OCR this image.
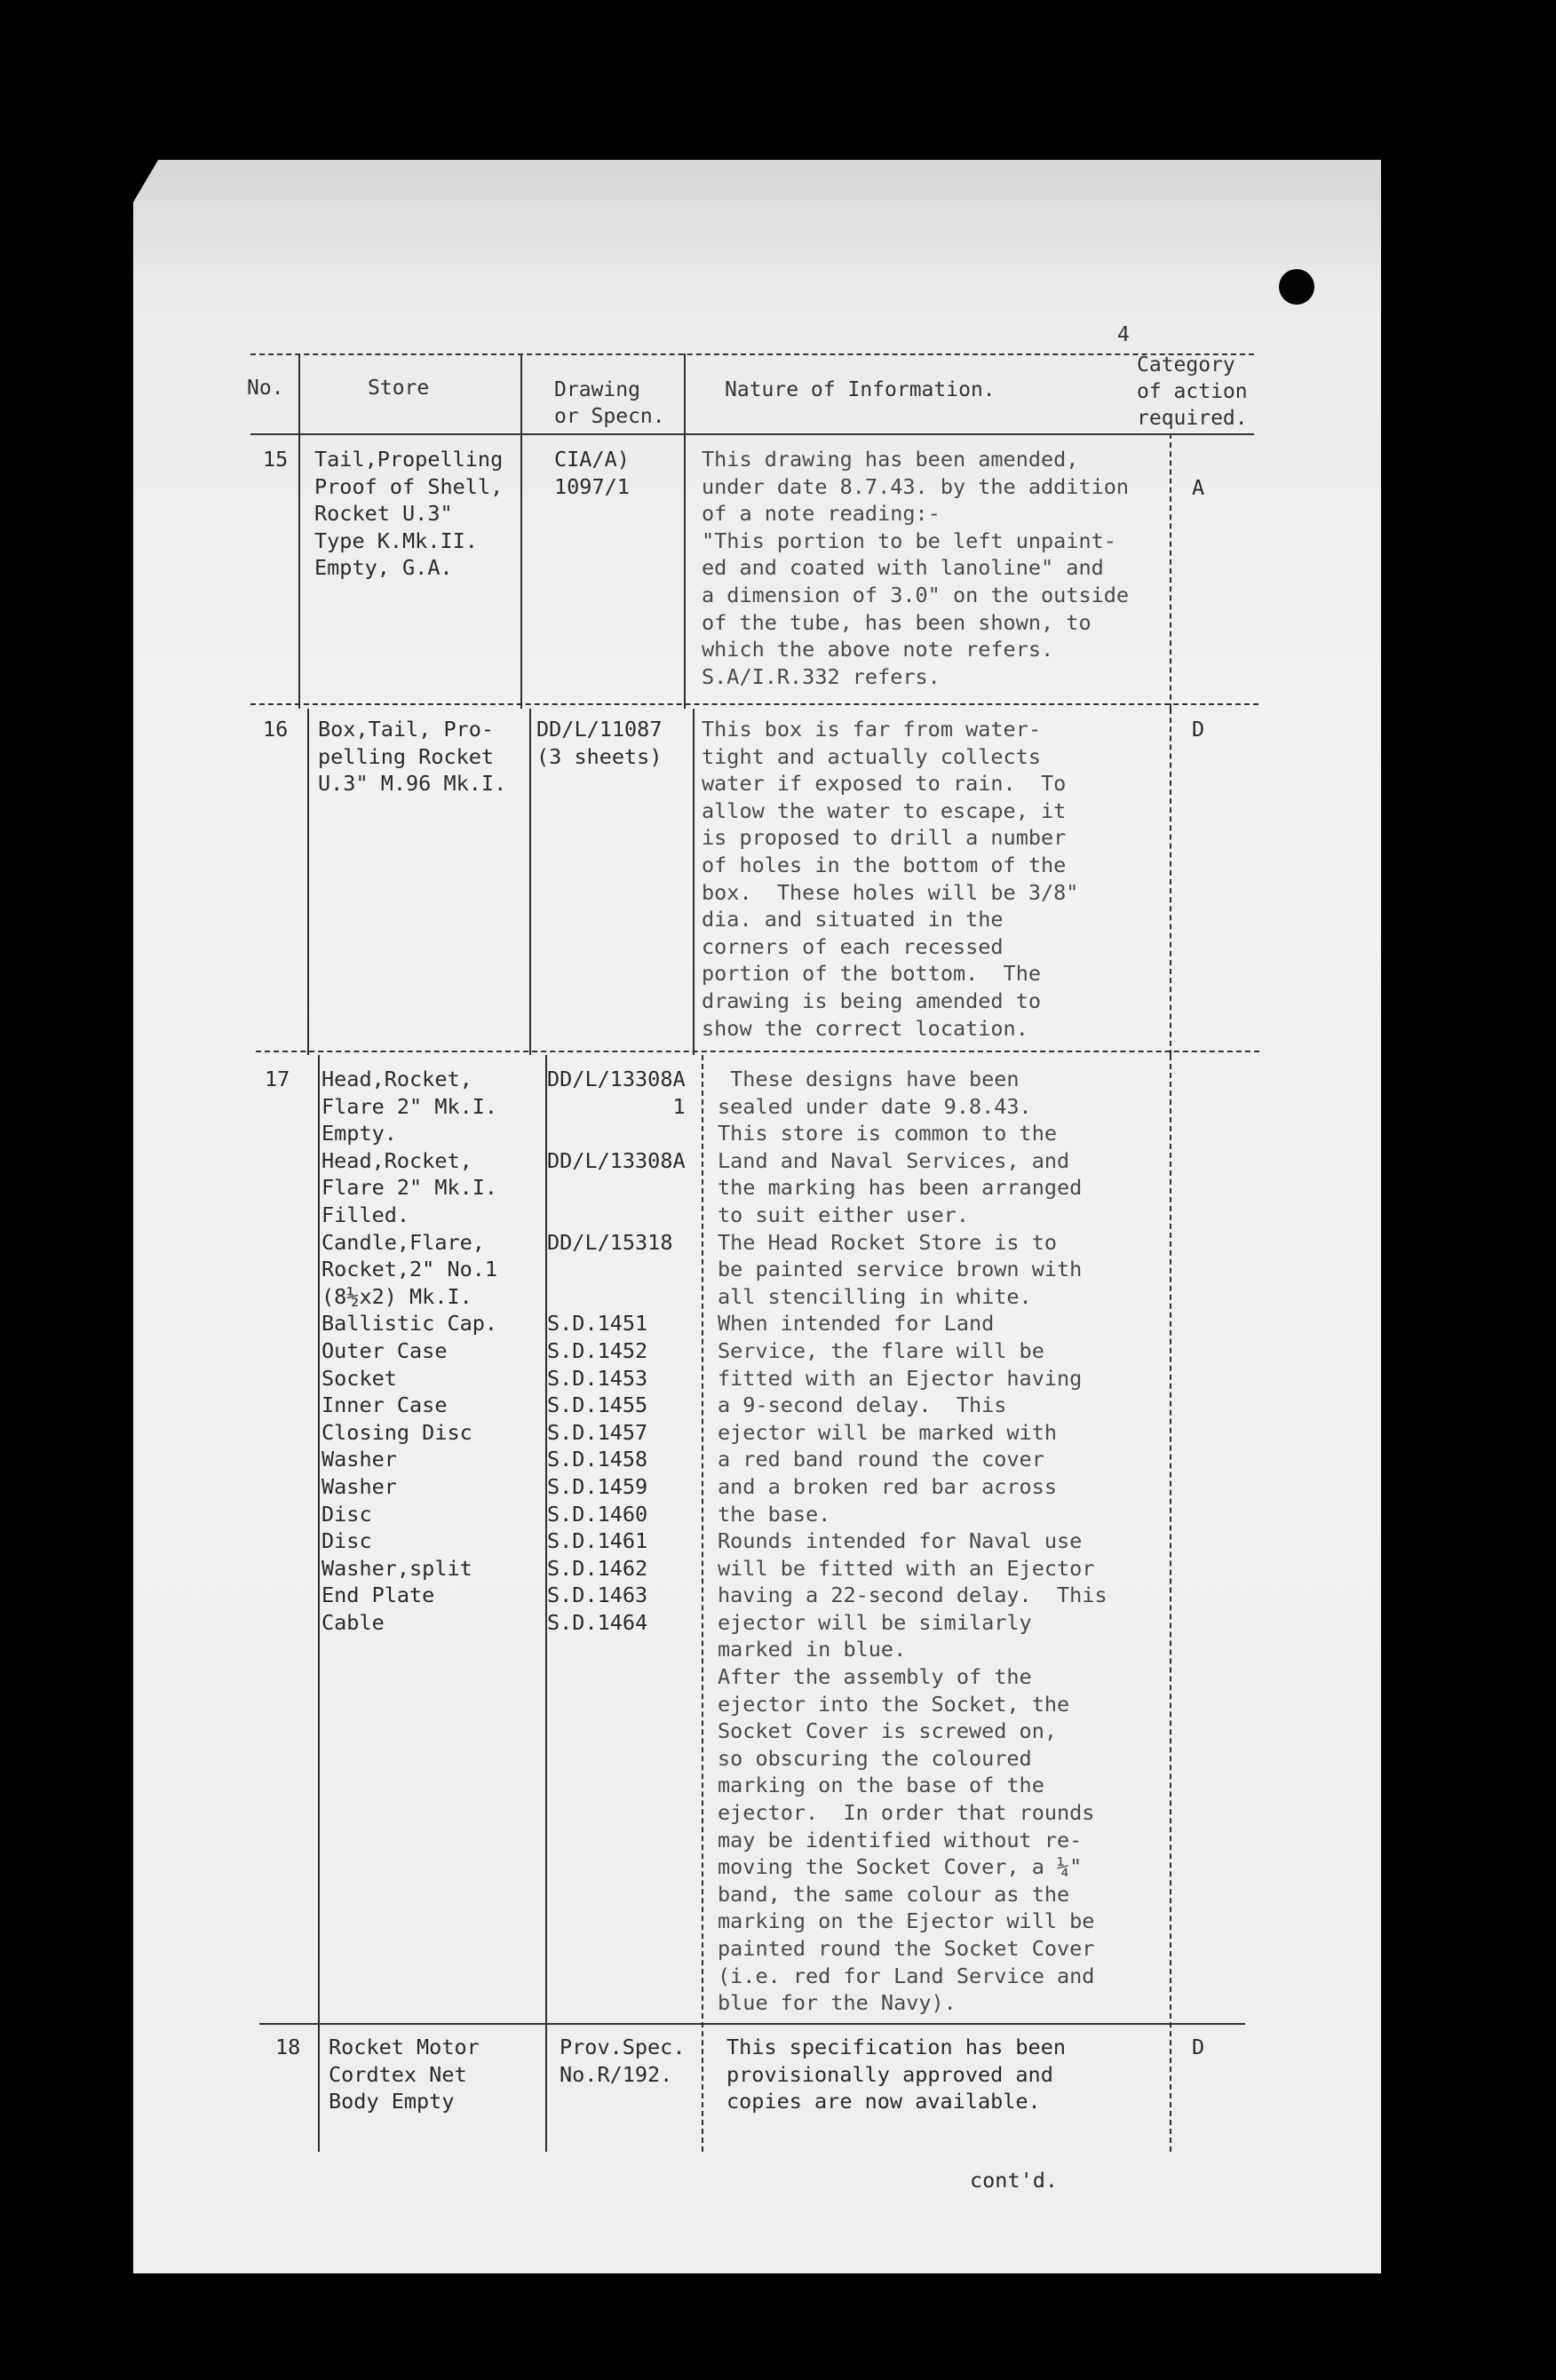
4
No.	Store	Drawing
or Specn.
Nature of Information.
Category
of action
required.
15 Tail,Propelling
Proof of Shell,
Rocket U.3"
Type K.Mk.II.
Empty, G.A.
CIA/A)
1097/1
This drawing has been amended,
under date 8.7.43. by the addition
of a note reading:-
"This portion to be left unpaint-
ed and coated with lanoline" and
a dimension of 3.0" on the outside
of the tube, has been shown, to
which the above note refers.
S.A/I.R.332 refers.
A
16 Box,Tail, Pro-
pelling Rocket
U.3" M.96 Mk.I.
DD/L/11087
(3 sheets)
This box is far from water-
tight and actually collects
water if exposed to rain.  To
allow the water to escape, it
is proposed to drill a number
of holes in the bottom of the
box.  These holes will be 3/8"
dia. and situated in the
corners of each recessed
portion of the bottom.  The
drawing is being amended to
show the correct location.
D
17 Head,Rocket,
Flare 2" Mk.I.
Empty.
Head,Rocket,
Flare 2" Mk.I.
Filled.
Candle,Flare,
Rocket,2" No.1
(8½x2) Mk.I.
Ballistic Cap.
Outer Case
Socket
Inner Case
Closing Disc
Washer
Washer
Disc
Disc
Washer,split
End Plate
Cable
DD/L/13308A
1

DD/L/13308A

DD/L/15318

S.D.1451
S.D.1452
S.D.1453
S.D.1455
S.D.1457
S.D.1458
S.D.1459
S.D.1460
S.D.1461
S.D.1462
S.D.1463
S.D.1464
These designs have been
sealed under date 9.8.43.
This store is common to the
Land and Naval Services, and
the marking has been arranged
to suit either user.
The Head Rocket Store is to
be painted service brown with
all stencilling in white.
When intended for Land
Service, the flare will be
fitted with an Ejector having
a 9-second delay.  This
ejector will be marked with
a red band round the cover
and a broken red bar across
the base.
Rounds intended for Naval use
will be fitted with an Ejector
having a 22-second delay.  This
ejector will be similarly
marked in blue.
After the assembly of the
ejector into the Socket, the
Socket Cover is screwed on,
so obscuring the coloured
marking on the base of the
ejector.  In order that rounds
may be identified without re-
moving the Socket Cover, a ¼"
band, the same colour as the
marking on the Ejector will be
painted round the Socket Cover
(i.e. red for Land Service and
blue for the Navy).
18 Rocket Motor
Cordtex Net
Body Empty
Prov.Spec.
No.R/192.
This specification has been
provisionally approved and
copies are now available.
D
cont'd.
